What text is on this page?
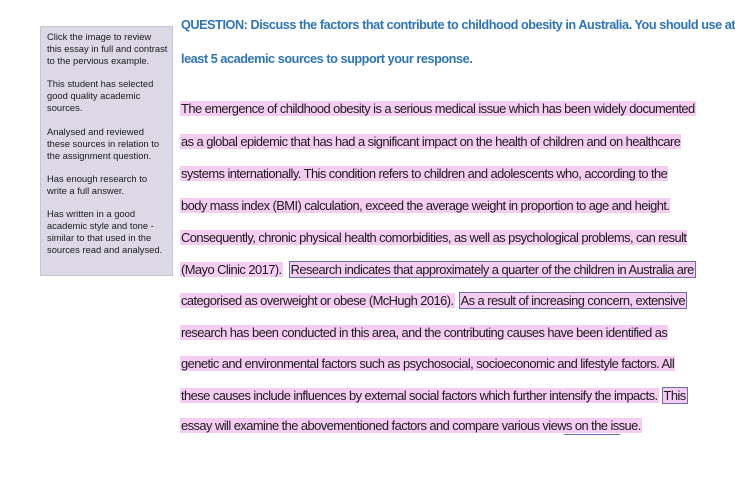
Click the image to review this essay in full and contrast to the pervious example.

This student has selected good quality academic sources.

Analysed and reviewed these sources in relation to the assignment question.

Has enough research to write a full answer.

Has written in a good academic style and tone - similar to that used in the sources read and analysed.

QUESTION: Discuss the factors that contribute to childhood obesity in Australia. You should use at
least 5 academic sources to support your response.
The emergence of childhood obesity is a serious medical issue which has been widely documented
as a global epidemic that has had a significant impact on the health of children and on healthcare
systems internationally. This condition refers to children and adolescents who, according to the
body mass index (BMI) calculation, exceed the average weight in proportion to age and height.
Consequently, chronic physical health comorbidities, as well as psychological problems, can result
(Mayo Clinic 2017). Research indicates that approximately a quarter of the children in Australia are
categorised as overweight or obese (McHugh 2016). As a result of increasing concern, extensive
research has been conducted in this area, and the contributing causes have been identified as
genetic and environmental factors such as psychosocial, socioeconomic and lifestyle factors. All
these causes include influences by external social factors which further intensify the impacts. This
essay will examine the abovementioned factors and compare various views on the issue.
